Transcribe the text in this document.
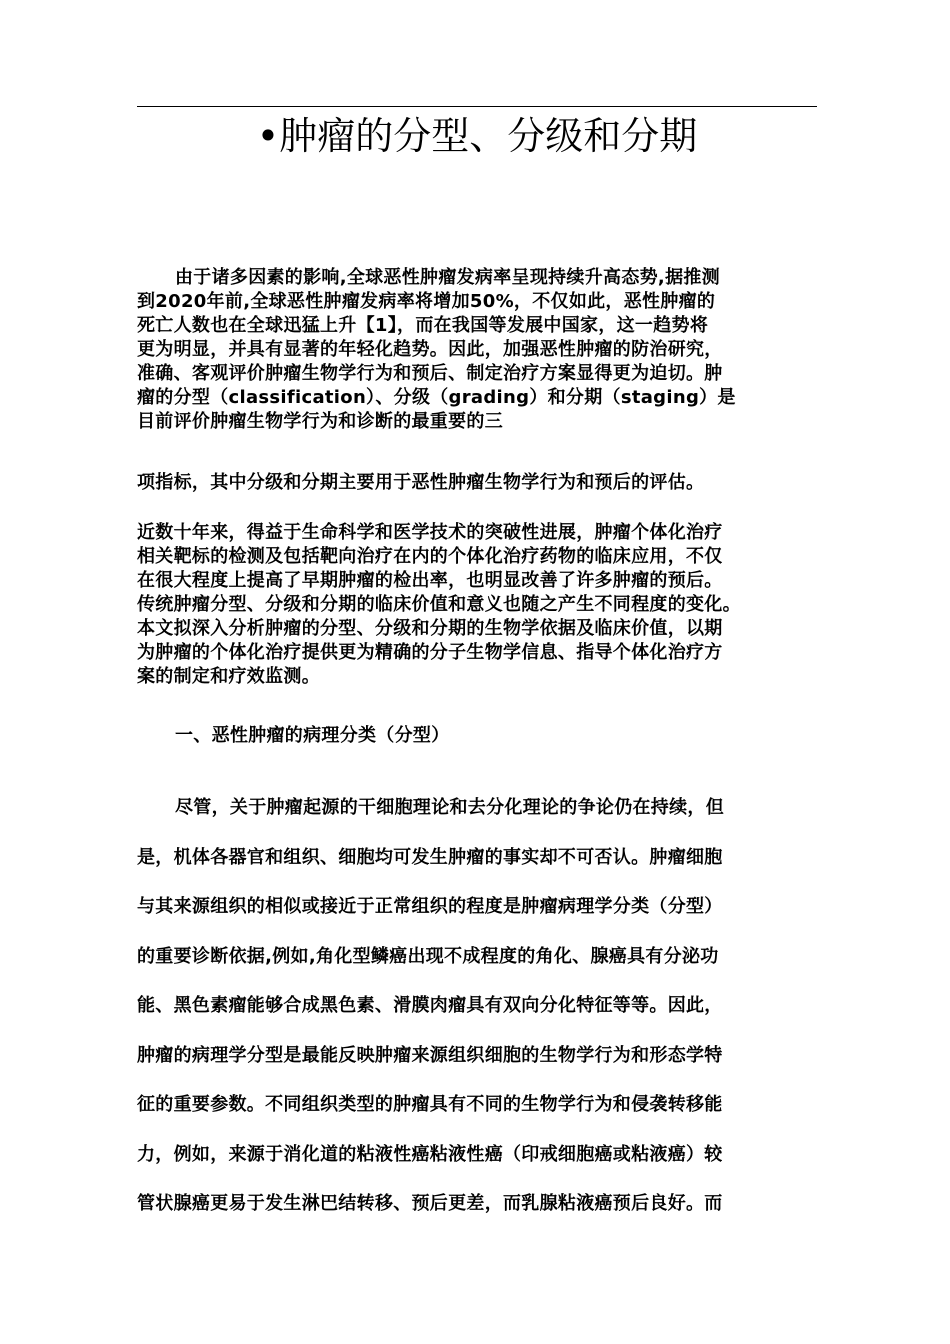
•肿瘤的分型、分级和分期
由于诸多因素的影响,全球恶性肿瘤发病率呈现持续升高态势,据推测
到2020年前,全球恶性肿瘤发病率将增加50%，不仅如此，恶性肿瘤的
死亡人数也在全球迅猛上升【1】，而在我国等发展中国家，这一趋势将
更为明显，并具有显著的年轻化趋势。因此，加强恶性肿瘤的防治研究，
准确、客观评价肿瘤生物学行为和预后、制定治疗方案显得更为迫切。肿
瘤的分型（classification）、分级（grading）和分期（staging）是
目前评价肿瘤生物学行为和诊断的最重要的三
项指标，其中分级和分期主要用于恶性肿瘤生物学行为和预后的评估。
近数十年来，得益于生命科学和医学技术的突破性进展，肿瘤个体化治疗
相关靶标的检测及包括靶向治疗在内的个体化治疗药物的临床应用，不仅
在很大程度上提高了早期肿瘤的检出率，也明显改善了许多肿瘤的预后。
传统肿瘤分型、分级和分期的临床价值和意义也随之产生不同程度的变化。
本文拟深入分析肿瘤的分型、分级和分期的生物学依据及临床价值，以期
为肿瘤的个体化治疗提供更为精确的分子生物学信息、指导个体化治疗方
案的制定和疗效监测。
一、恶性肿瘤的病理分类（分型）
尽管，关于肿瘤起源的干细胞理论和去分化理论的争论仍在持续，但
是，机体各器官和组织、细胞均可发生肿瘤的事实却不可否认。肿瘤细胞
与其来源组织的相似或接近于正常组织的程度是肿瘤病理学分类（分型）
的重要诊断依据,例如,角化型鳞癌出现不成程度的角化、腺癌具有分泌功
能、黑色素瘤能够合成黑色素、滑膜肉瘤具有双向分化特征等等。因此，
肿瘤的病理学分型是最能反映肿瘤来源组织细胞的生物学行为和形态学特
征的重要参数。不同组织类型的肿瘤具有不同的生物学行为和侵袭转移能
力，例如，来源于消化道的粘液性癌粘液性癌（印戒细胞癌或粘液癌）较
管状腺癌更易于发生淋巴结转移、预后更差，而乳腺粘液癌预后良好。而
